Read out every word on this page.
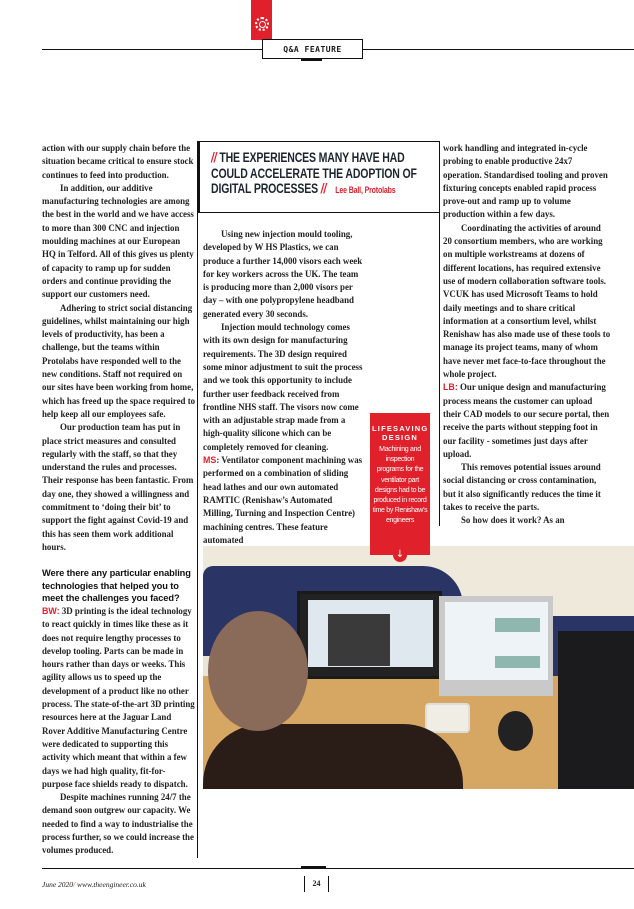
Q&A FEATURE
// THE EXPERIENCES MANY HAVE HAD COULD ACCELERATE THE ADOPTION OF DIGITAL PROCESSES // Lee Ball, Protolabs

action with our supply chain before the situation became critical to ensure stock continues to feed into production.

In addition, our additive manufacturing technologies are among the best in the world and we have access to more than 300 CNC and injection moulding machines at our European HQ in Telford. All of this gives us plenty of capacity to ramp up for sudden orders and continue providing the support our customers need.

Adhering to strict social distancing guidelines, whilst maintaining our high levels of productivity, has been a challenge, but the teams within Protolabs have responded well to the new conditions. Staff not required on our sites have been working from home, which has freed up the space required to help keep all our employees safe.

Our production team has put in place strict measures and consulted regularly with the staff, so that they understand the rules and processes. Their response has been fantastic. From day one, they showed a willingness and commitment to ‘doing their bit’ to support the fight against Covid-19 and this has seen them work additional hours.

Were there any particular enabling technologies that helped you to meet the challenges you faced?

BW: 3D printing is the ideal technology to react quickly in times like these as it does not require lengthy processes to develop tooling. Parts can be made in hours rather than days or weeks. This agility allows us to speed up the development of a product like no other process. The state-of-the-art 3D printing resources here at the Jaguar Land Rover Additive Manufacturing Centre were dedicated to supporting this activity which meant that within a few days we had high quality, fit-for-purpose face shields ready to dispatch.

Despite machines running 24/7 the demand soon outgrew our capacity. We needed to find a way to industrialise the process further, so we could increase the volumes produced.

Using new injection mould tooling, developed by W HS Plastics, we can produce a further 14,000 visors each week for key workers across the UK. The team is producing more than 2,000 visors per day – with one polypropylene headband generated every 30 seconds.

Injection mould technology comes with its own design for manufacturing requirements. The 3D design required some minor adjustment to suit the process and we took this opportunity to include further user feedback received from frontline NHS staff. The visors now come with an adjustable strap made from a high-quality silicone which can be completely removed for cleaning.

MS: Ventilator component machining was performed on a combination of sliding head lathes and our own automated RAMTIC (Renishaw’s Automated Milling, Turning and Inspection Centre) machining centres. These feature automated

work handling and integrated in-cycle probing to enable productive 24x7 operation. Standardised tooling and proven fixturing concepts enabled rapid process prove-out and ramp up to volume production within a few days.

Coordinating the activities of around 20 consortium members, who are working on multiple workstreams at dozens of different locations, has required extensive use of modern collaboration software tools. VCUK has used Microsoft Teams to hold daily meetings and to share critical information at a consortium level, whilst Renishaw has also made use of these tools to manage its project teams, many of whom have never met face-to-face throughout the whole project.

LB: Our unique design and manufacturing process means the customer can upload their CAD models to our secure portal, then receive the parts without stepping foot in our facility - sometimes just days after upload.

This removes potential issues around social distancing or cross contamination, but it also significantly reduces the time it takes to receive the parts.

So how does it work? As an

LIFESAVING DESIGN
Machining and inspection programs for the ventilator part designs had to be produced in record time by Renishaw’s engineers
↓
June 2020/ www.theengineer.co.uk	24
